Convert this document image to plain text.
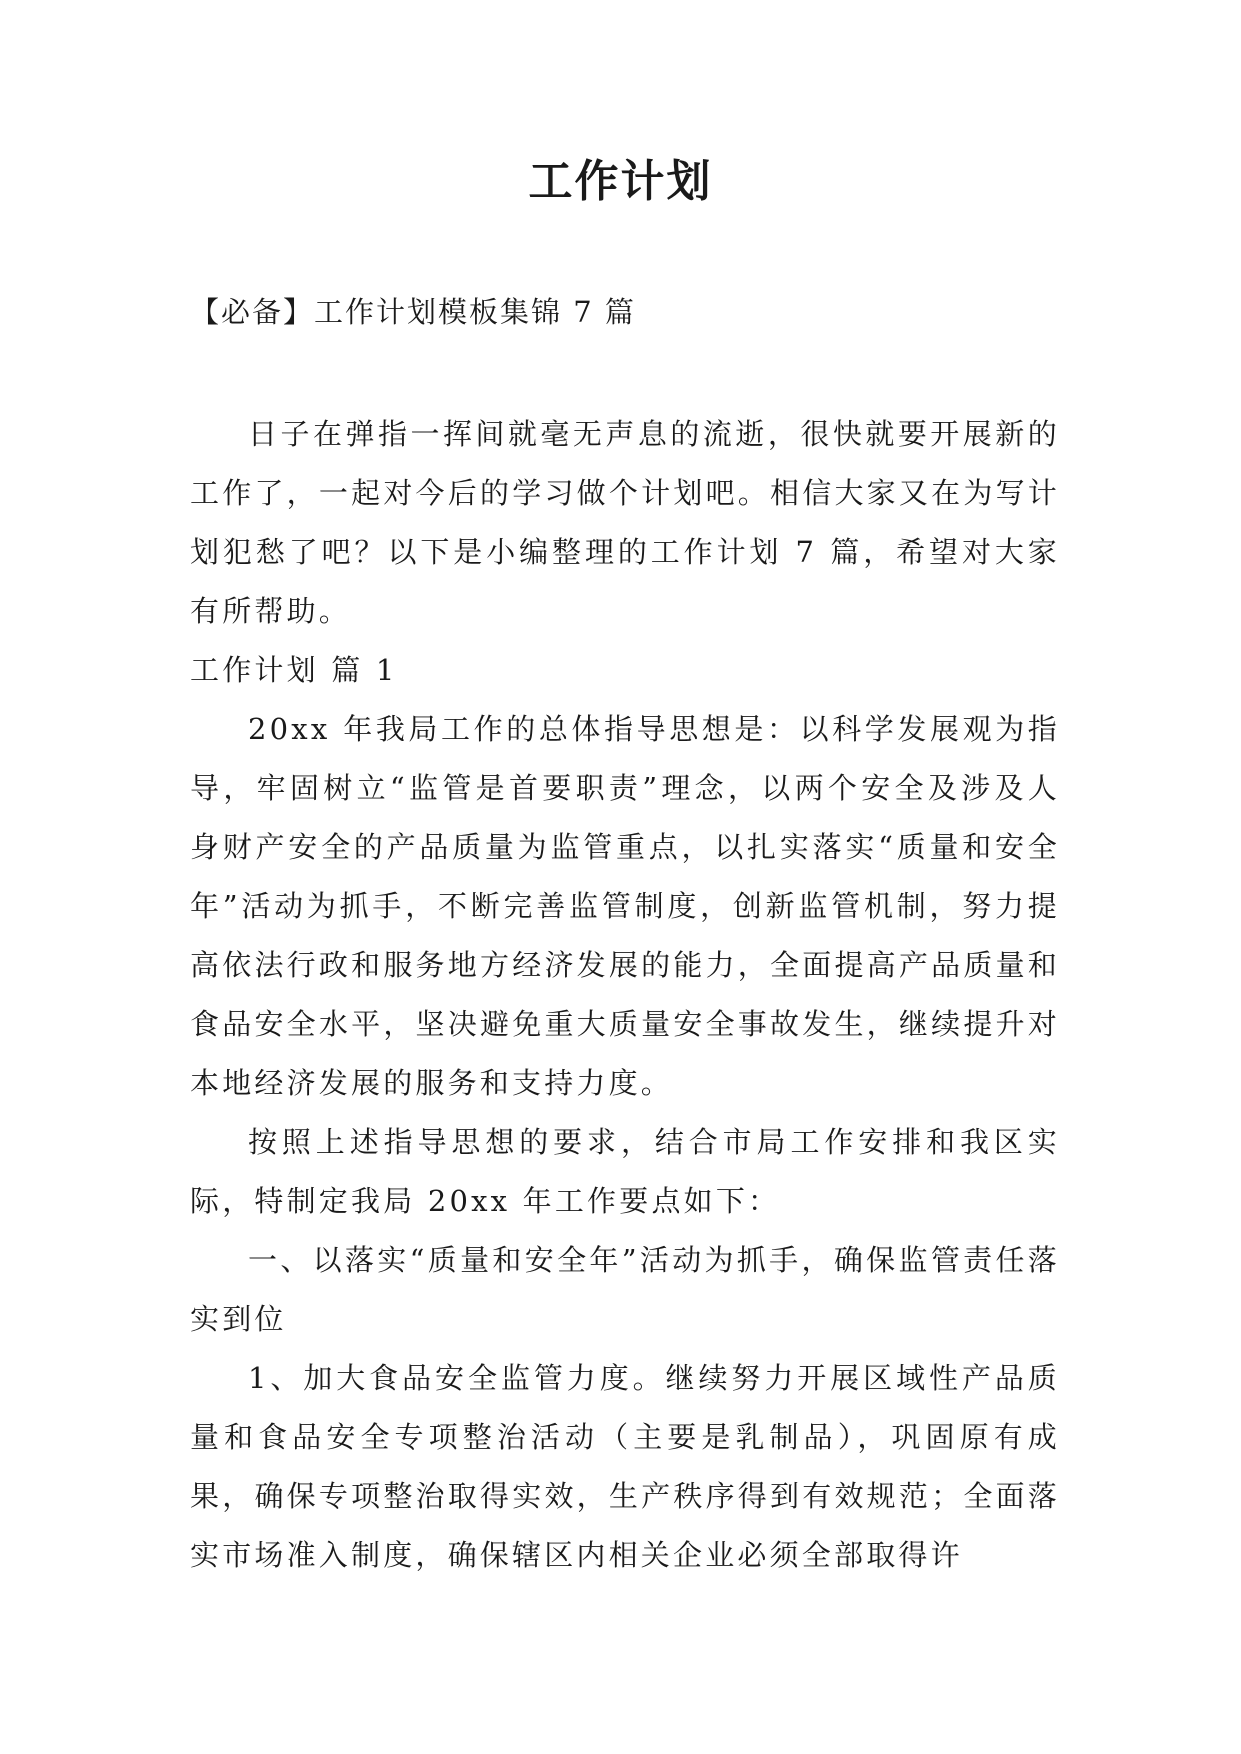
工作计划

【必备】工作计划模板集锦 7 篇

日子在弹指一挥间就毫无声息的流逝，很快就要开展新的工作了，一起对今后的学习做个计划吧。相信大家又在为写计划犯愁了吧？以下是小编整理的工作计划 7 篇，希望对大家有所帮助。

工作计划 篇 1

20xx 年我局工作的总体指导思想是：以科学发展观为指导，牢固树立“监管是首要职责”理念，以两个安全及涉及人身财产安全的产品质量为监管重点，以扎实落实“质量和安全年”活动为抓手，不断完善监管制度，创新监管机制，努力提高依法行政和服务地方经济发展的能力，全面提高产品质量和食品安全水平，坚决避免重大质量安全事故发生，继续提升对本地经济发展的服务和支持力度。

按照上述指导思想的要求，结合市局工作安排和我区实际，特制定我局 20xx 年工作要点如下：

一、以落实“质量和安全年”活动为抓手，确保监管责任落实到位

1、加大食品安全监管力度。继续努力开展区域性产品质量和食品安全专项整治活动（主要是乳制品），巩固原有成果，确保专项整治取得实效，生产秩序得到有效规范；全面落实市场准入制度，确保辖区内相关企业必须全部取得许
